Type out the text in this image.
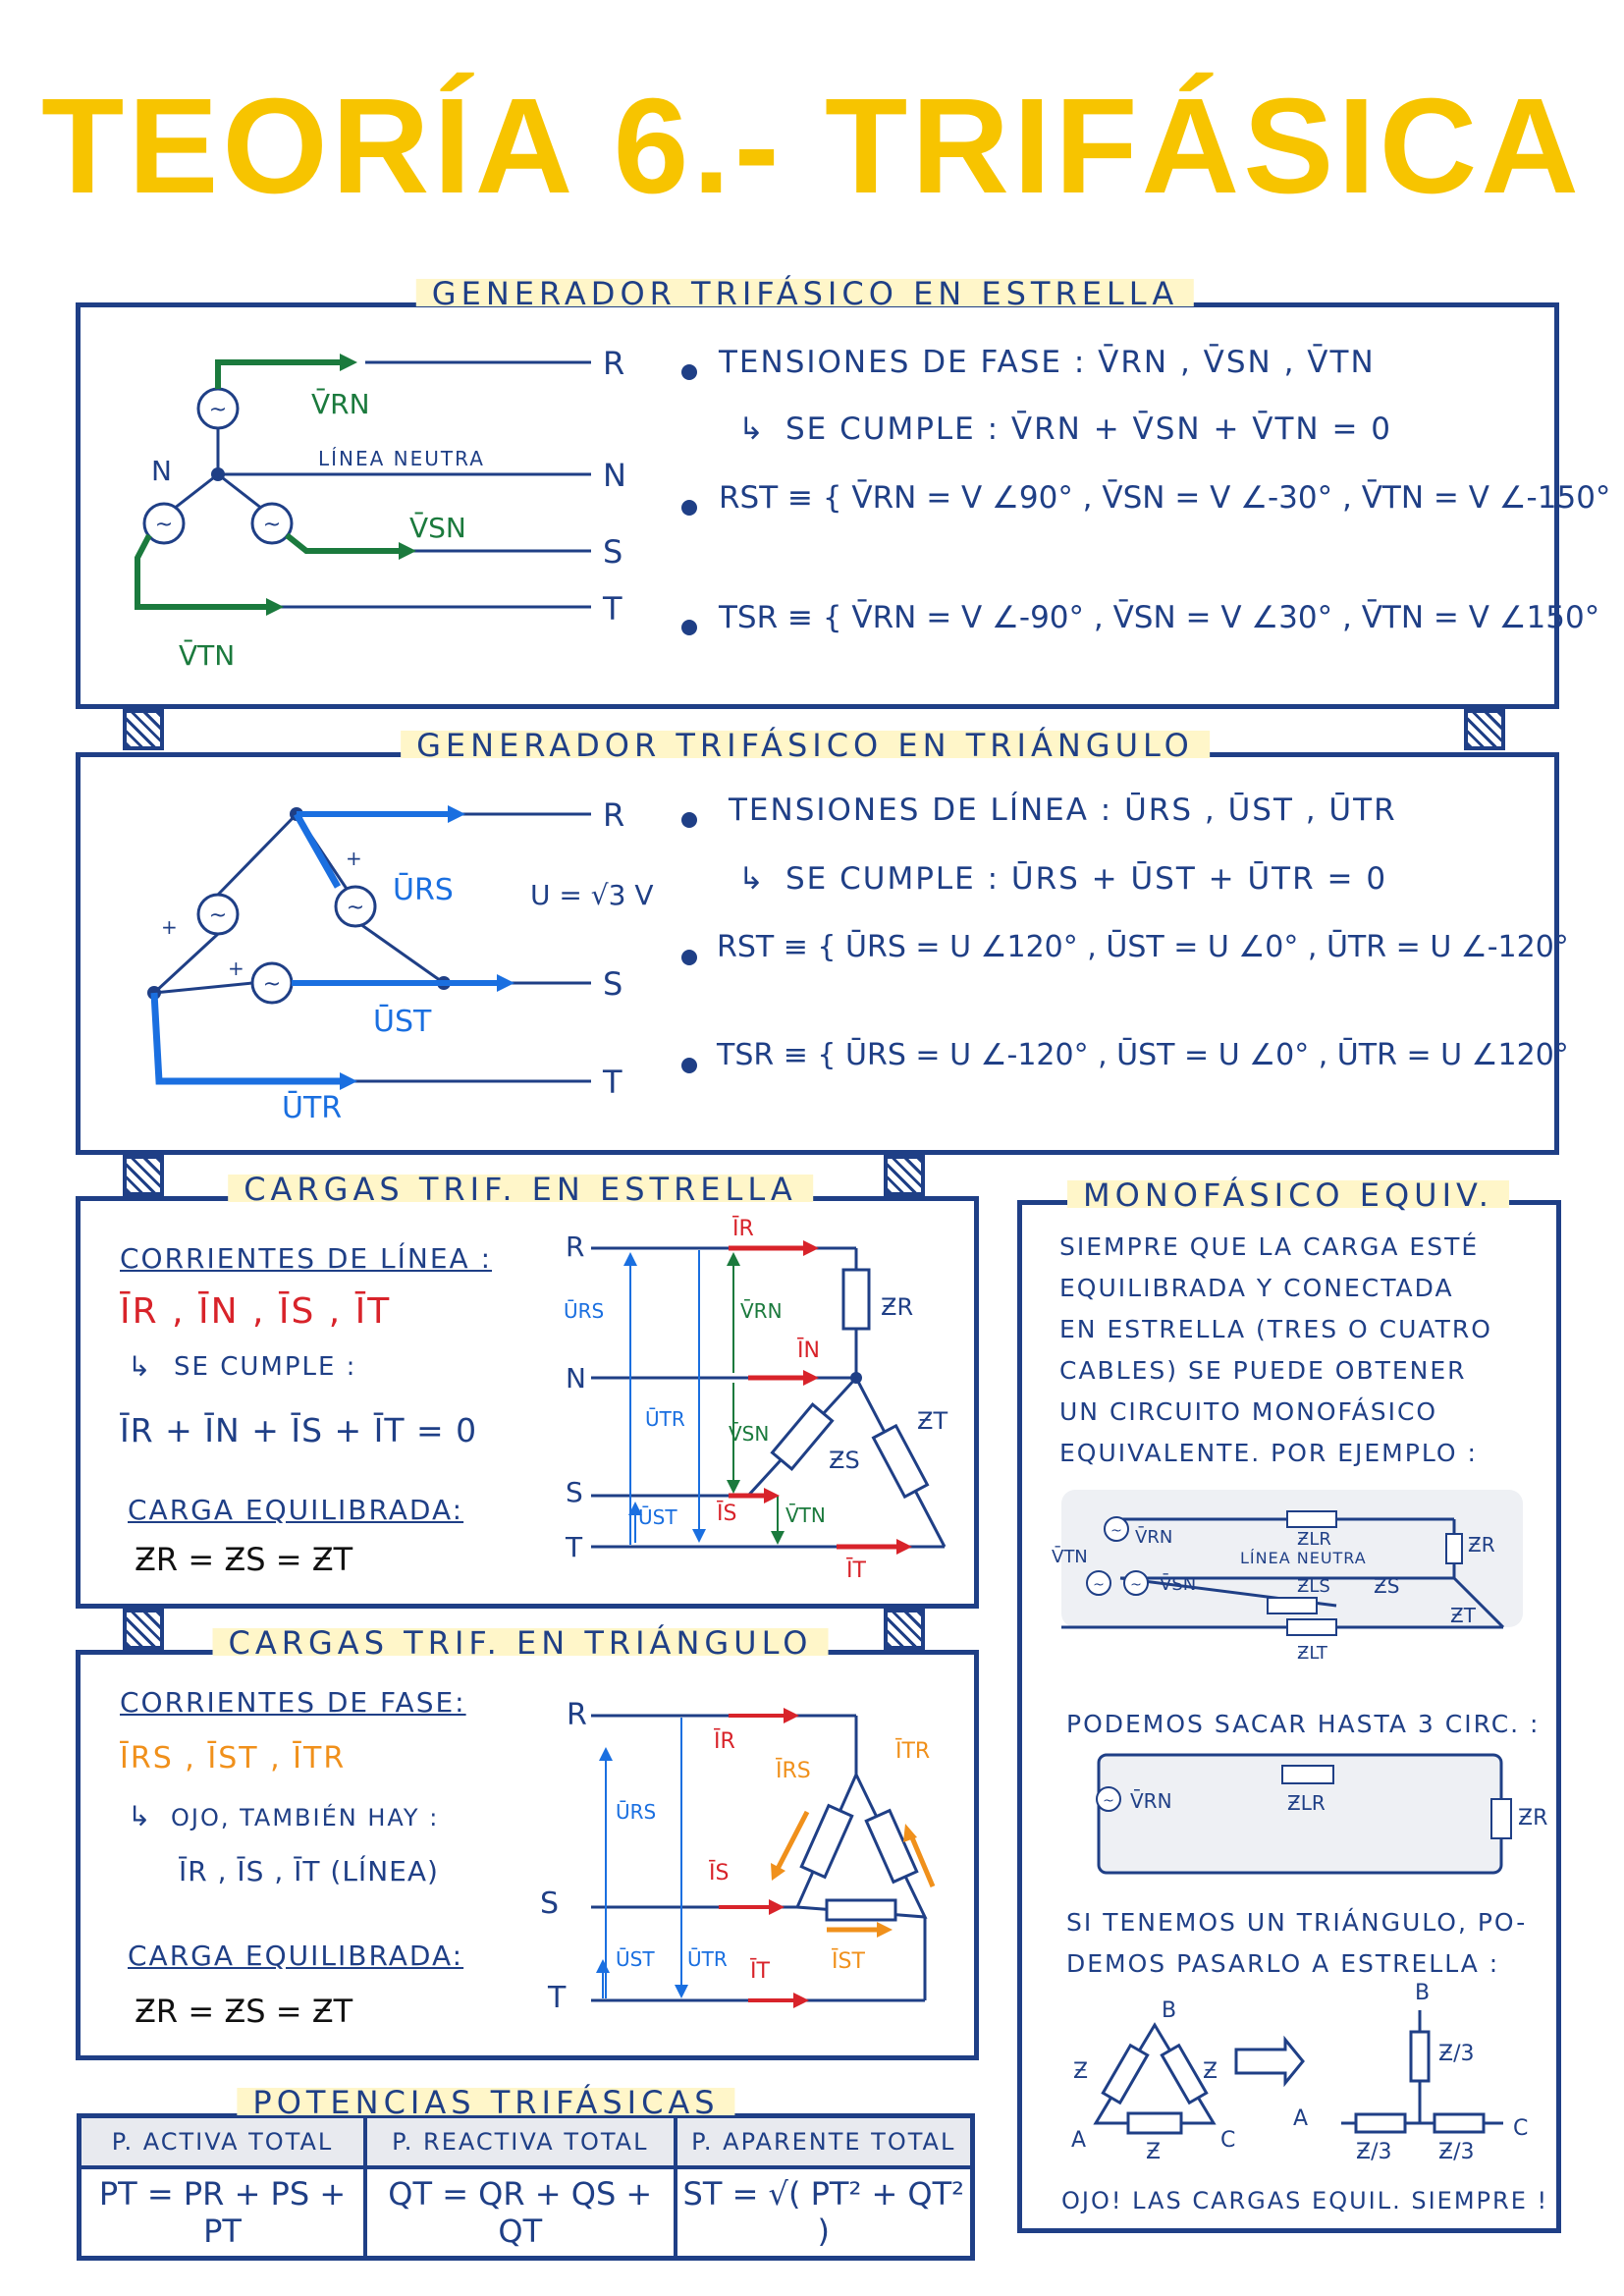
TEORÍA 6.- TRIFÁSICA
GENERADOR TRIFÁSICO EN ESTRELLA
~
~	~
V̄RN
V̄SN
V̄TN
LÍNEA NEUTRA
N
R
N
S
T
TENSIONES DE FASE : V̄RN , V̄SN , V̄TN
↳ SE CUMPLE : V̄RN + V̄SN + V̄TN = 0
RST ≡ { V̄RN = V ∠90° , V̄SN = V ∠-30° , V̄TN = V ∠-150°
TSR ≡ { V̄RN = V ∠-90° , V̄SN = V ∠30° , V̄TN = V ∠150°
GENERADOR TRIFÁSICO EN TRIÁNGULO
~	~
~
+
+
+
ŪRS
ŪST
ŪTR
U = √3 V
R
S
T
TENSIONES DE LÍNEA : ŪRS , ŪST , ŪTR
↳ SE CUMPLE : ŪRS + ŪST + ŪTR = 0
RST ≡ { ŪRS = U ∠120° , ŪST = U ∠0° , ŪTR = U ∠-120°
TSR ≡ { ŪRS = U ∠-120° , ŪST = U ∠0° , ŪTR = U ∠120°
CARGAS TRIF. EN ESTRELLA
CORRIENTES DE LÍNEA :
ĪR , ĪN , ĪS , ĪT
↳ SE CUMPLE :
ĪR + ĪN + ĪS + ĪT = 0
CARGA EQUILIBRADA:
ƵR = ƵS = ƵT
R
N
S
T
ŪRS
ŪTR
ŪST
V̄RN
V̄SN
V̄TN
ĪR
ĪN
ĪS
ĪT
ƵR
ƵS
ƵT
CARGAS TRIF. EN TRIÁNGULO
CORRIENTES DE FASE:
ĪRS , ĪST , ĪTR
↳ OJO, TAMBIÉN HAY :
ĪR , ĪS , ĪT (LÍNEA)
CARGA EQUILIBRADA:
ƵR = ƵS = ƵT
R
S
T
ŪRS
ŪST ŪTR
ĪR
ĪS
ĪT
ĪRS
ĪST
ĪTR
MONOFÁSICO EQUIV.
SIEMPRE QUE LA CARGA ESTÉ
EQUILIBRADA Y CONECTADA
EN ESTRELLA (TRES O CUATRO
CABLES) SE PUEDE OBTENER
UN CIRCUITO MONOFÁSICO
EQUIVALENTE. POR EJEMPLO :
~
~ ~
~
V̄RN
V̄SN
V̄TN
ƵLR
ƵLS
ƵLT
ƵR
ƵS
ƵT
LÍNEA NEUTRA
PODEMOS SACAR HASTA 3 CIRC. :
V̄RN	ƵLR
ƵR
SI TENEMOS UN TRIÁNGULO, PO-
DEMOS PASARLO A ESTRELLA :
B
A	C
Ƶ	Ƶ
Ƶ
B
A	C
Ƶ/3
Ƶ/3 Ƶ/3
OJO! LAS CARGAS EQUIL. SIEMPRE !
POTENCIAS TRIFÁSICAS
P. ACTIVA TOTAL	P. REACTIVA TOTAL	P. APARENTE TOTAL
PT = PR + PS + PT	QT = QR + QS + QT	ST = √( PT² + QT² )
